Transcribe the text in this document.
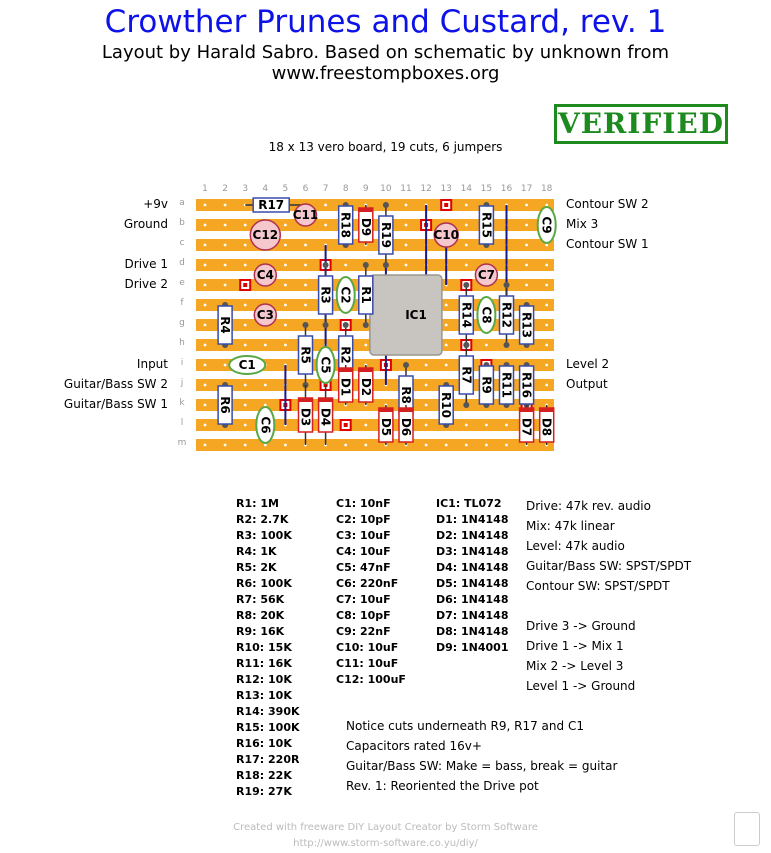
Crowther Prunes and Custard, rev. 1
Layout by Harald Sabro. Based on schematic by unknown from www.freestompboxes.org
VERIFIED
18 x 13 vero board, 19 cuts, 6 jumpers
IC1
R18 R19	R15
R3 R1
R14 R12 R13
R4
R5 R2
R7
R9 R11 R16
R6
R8 R10
R17
D9
D1 D2
D3 D4
D5 D6	D7 D8
C9
C2
C8
C5
C6
C1
C11
C12	C10
C4	C7
C3
1	2	3	4	5	6	7	8	9	10 11 12 13 14 15 16 17 18
a
b
c
d
e
f
g
h
i
j
k
l
m
+9v
Ground
Drive 1
Drive 2
Input
Guitar/Bass SW 2
Guitar/Bass SW 1
Contour SW 2
Mix 3
Contour SW 1
Level 2
Output
R1: 1M
R2: 2.7K
R3: 100K
R4: 1K
R5: 2K
R6: 100K
R7: 56K
R8: 20K
R9: 16K
R10: 15K
R11: 16K
R12: 10K
R13: 10K
R14: 390K
R15: 100K
R16: 10K
R17: 220R
R18: 22K
R19: 27K
C1: 10nF
C2: 10pF
C3: 10uF
C4: 10uF
C5: 47nF
C6: 220nF
C7: 10uF
C8: 10pF
C9: 22nF
C10: 10uF
C11: 10uF
C12: 100uF
IC1: TL072
D1: 1N4148
D2: 1N4148
D3: 1N4148
D4: 1N4148
D5: 1N4148
D6: 1N4148
D7: 1N4148
D8: 1N4148
D9: 1N4001
Drive: 47k rev. audio
Mix: 47k linear
Level: 47k audio
Guitar/Bass SW: SPST/SPDT
Contour SW: SPST/SPDT
Drive 3 -> Ground
Drive 1 -> Mix 1
Mix 2 -> Level 3
Level 1 -> Ground
Notice cuts underneath R9, R17 and C1
Capacitors rated 16v+
Guitar/Bass SW: Make = bass, break = guitar
Rev. 1: Reoriented the Drive pot
Created with freeware DIY Layout Creator by Storm Software
http://www.storm-software.co.yu/diy/
